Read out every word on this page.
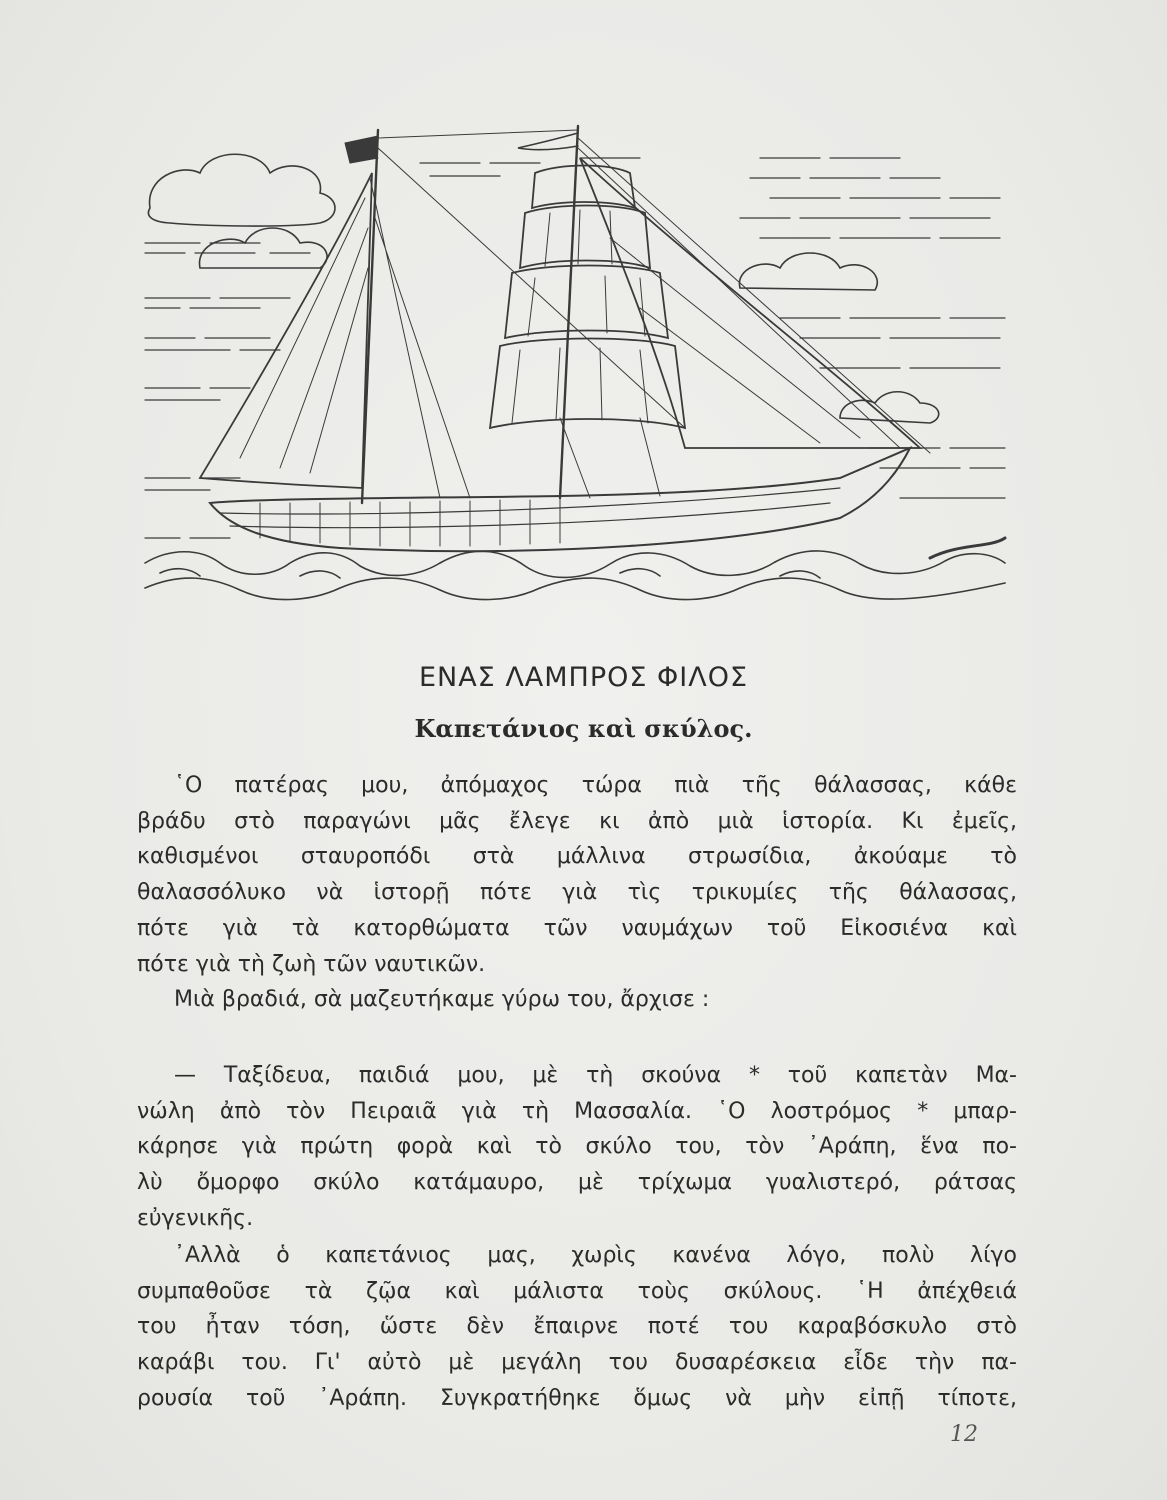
ΕΝΑΣ ΛΑΜΠΡΟΣ ΦΙΛΟΣ
Καπετάνιος καὶ σκύλος.
῾Ο πατέρας μου, ἀπόμαχος τώρα πιὰ τῆς θάλασσας, κάθε
βράδυ στὸ παραγώνι μᾶς ἔλεγε κι ἀπὸ μιὰ ἱστορία. Κι ἐμεῖς,
καθισμένοι σταυροπόδι στὰ μάλλινα στρωσίδια, ἀκούαμε τὸ
θαλασσόλυκο νὰ ἱστορῇ πότε γιὰ τὶς τρικυμίες τῆς θάλασσας,
πότε γιὰ τὰ κατορθώματα τῶν ναυμάχων τοῦ Εἰκοσιένα καὶ
πότε γιὰ τὴ ζωὴ τῶν ναυτικῶν.
Μιὰ βραδιά, σὰ μαζευτήκαμε γύρω του, ἄρχισε :
— Ταξίδευα, παιδιά μου, μὲ τὴ σκούνα * τοῦ καπετὰν Μα-
νώλη ἀπὸ τὸν Πειραιᾶ γιὰ τὴ Μασσαλία. ῾Ο λοστρόμος * μπαρ-
κάρησε γιὰ πρώτη φορὰ καὶ τὸ σκύλο του, τὸν ᾿Αράπη, ἕνα πο-
λὺ ὄμορφο σκύλο κατάμαυρο, μὲ τρίχωμα γυαλιστερό, ράτσας
εὐγενικῆς.
᾿Αλλὰ ὁ καπετάνιος μας, χωρὶς κανένα λόγο, πολὺ λίγο
συμπαθοῦσε τὰ ζῷα καὶ μάλιστα τοὺς σκύλους. ῾Η ἀπέχθειά
του ἦταν τόση, ὥστε δὲν ἔπαιρνε ποτέ του καραβόσκυλο στὸ
καράβι του. Γι' αὐτὸ μὲ μεγάλη του δυσαρέσκεια εἶδε τὴν πα-
ρουσία τοῦ ᾿Αράπη. Συγκρατήθηκε ὅμως νὰ μὴν εἰπῇ τίποτε,
12
